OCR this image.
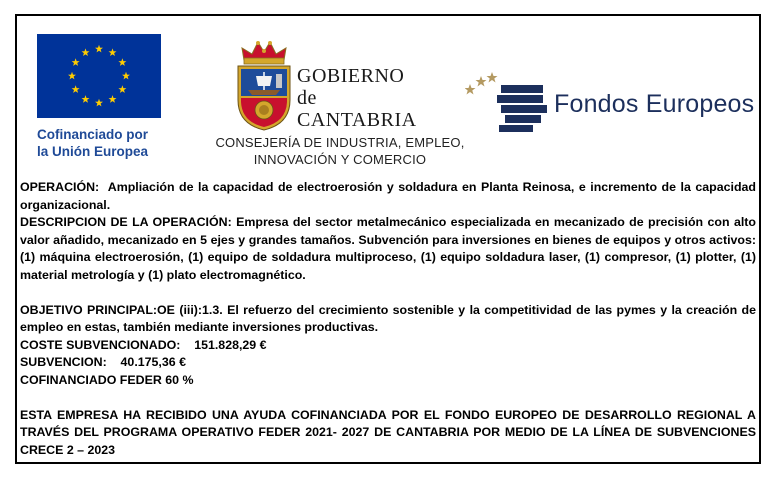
Cofinanciado por
la Unión Europea
GOBIERNO
de
CANTABRIA
CONSEJERÍA DE INDUSTRIA, EMPLEO,
INNOVACIÓN Y COMERCIO
Fondos Europeos

OPERACIÓN: Ampliación de la capacidad de electroerosión y soldadura en Planta Reinosa, e incremento de la capacidad organizacional.

DESCRIPCION DE LA OPERACIÓN: Empresa del sector metalmecánico especializada en mecanizado de precisión con alto valor añadido, mecanizado en 5 ejes y grandes tamaños. Subvención para inversiones en bienes de equipos y otros activos: (1) máquina electroerosión, (1) equipo de soldadura multiproceso, (1) equipo soldadura laser, (1) compresor, (1) plotter, (1) material metrología y (1) plato electromagnético.

OBJETIVO PRINCIPAL:OE (iii):1.3. El refuerzo del crecimiento sostenible y la competitividad de las pymes y la creación de empleo en estas, también mediante inversiones productivas.

COSTE SUBVENCIONADO: 151.828,29 €

SUBVENCION: 40.175,36 €

COFINANCIADO FEDER 60 %

ESTA EMPRESA HA RECIBIDO UNA AYUDA COFINANCIADA POR EL FONDO EUROPEO DE DESARROLLO REGIONAL A TRAVÉS DEL PROGRAMA OPERATIVO FEDER 2021- 2027 DE CANTABRIA POR MEDIO DE LA LÍNEA DE SUBVENCIONES CRECE 2 – 2023
